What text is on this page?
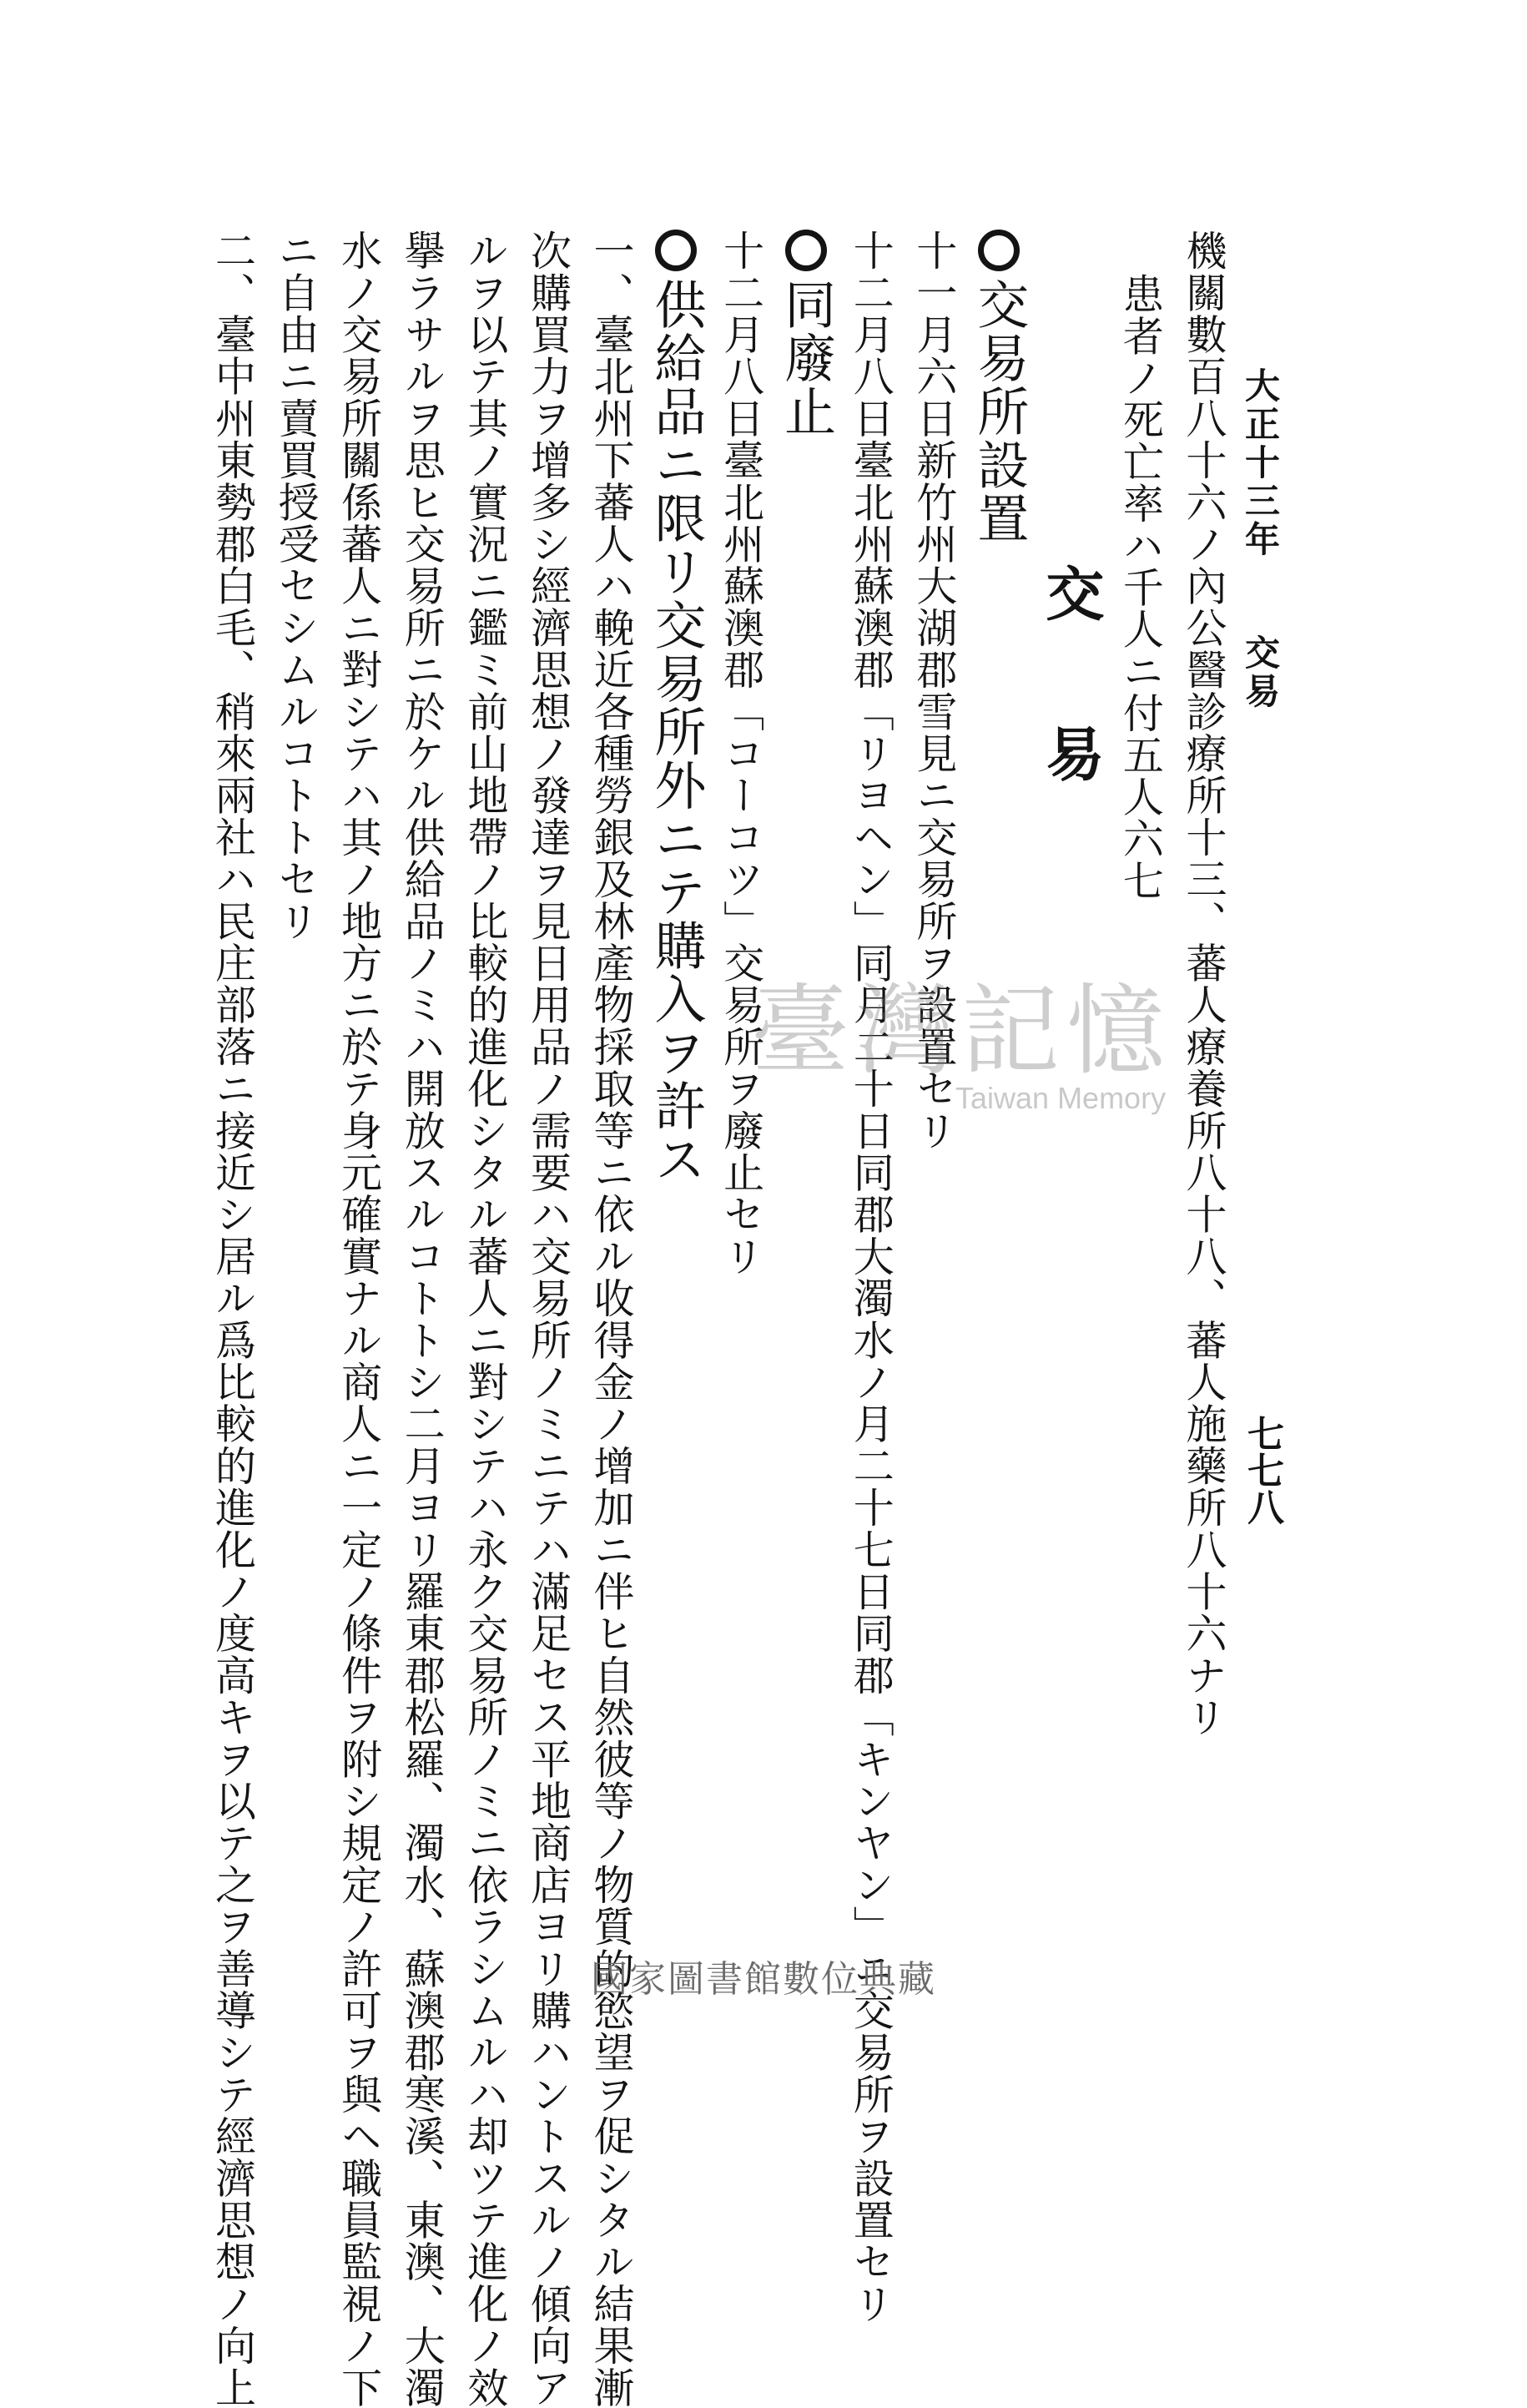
大正十三年交易
七七八
機關數百八十六ノ內公醫診療所十三、蕃人療養所八十八、蕃人施藥所八十六ナリ
患者ノ死亡率ハ千人ニ付五人六七
交易
交易所設置
十一月六日新竹州大湖郡雪見ニ交易所ヲ設置セリ
十二月八日臺北州蘇澳郡「リヨヘン」同月二十日同郡大濁水ノ月二十七日同郡「キンヤン」ニ交易所ヲ設置セリ
同廢止
十二月八日臺北州蘇澳郡「コーコツ」交易所ヲ廢止セリ
供給品ニ限リ交易所外ニテ購入ヲ許ス
一、臺北州下蕃人ハ輓近各種勞銀及林產物採取等ニ依ル收得金ノ增加ニ伴ヒ自然彼等ノ物質的慾望ヲ促シタル結果漸
次購買力ヲ增多シ經濟思想ノ發達ヲ見日用品ノ需要ハ交易所ノミニテハ滿足セス平地商店ヨリ購ハントスルノ傾向ア
ルヲ以テ其ノ實況ニ鑑ミ前山地帶ノ比較的進化シタル蕃人ニ對シテハ永ク交易所ノミニ依ラシムルハ却ツテ進化ノ效
擧ラサルヲ思ヒ交易所ニ於ケル供給品ノミハ開放スルコトトシ二月ヨリ羅東郡松羅、濁水、蘇澳郡寒溪、東澳、大濁
水ノ交易所關係蕃人ニ對シテハ其ノ地方ニ於テ身元確實ナル商人ニ一定ノ條件ヲ附シ規定ノ許可ヲ與ヘ職員監視ノ下
ニ自由ニ賣買授受セシムルコトトセリ
二、臺中州東勢郡白毛、稍來兩社ハ民庄部落ニ接近シ居ル爲比較的進化ノ度高キヲ以テ之ヲ善導シテ經濟思想ノ向上	臺灣記憶
Taiwan Memory
國家圖書館數位典藏
